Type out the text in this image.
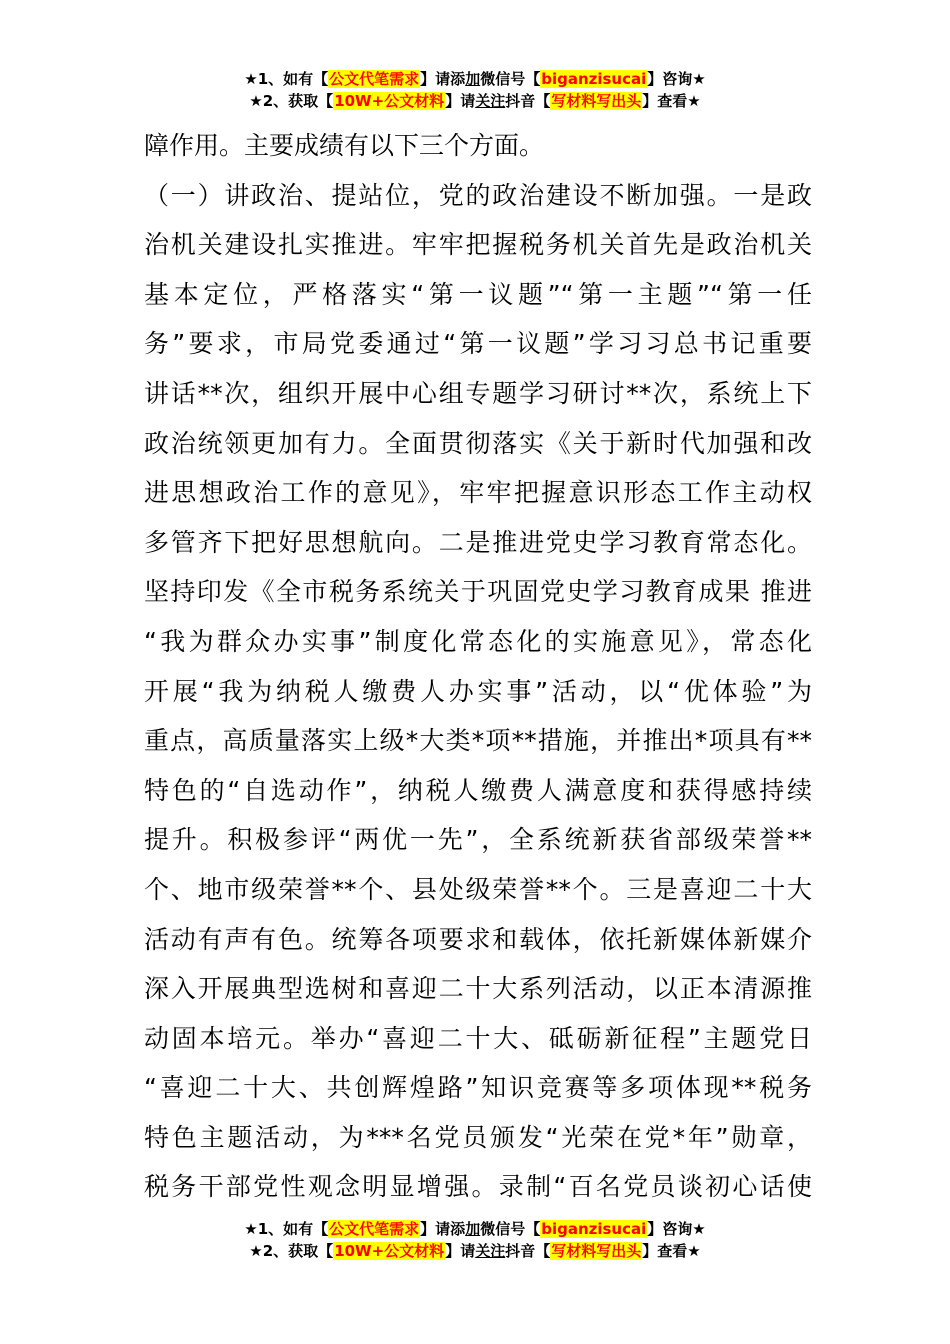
★1、如有【公文代笔需求】请添加微信号【biganzisucai】咨询★
★2、获取【10W+公文材料】请关注抖音【写材料写出头】查看★
障作用。主要成绩有以下三个方面。
（一）讲政治、提站位，党的政治建设不断加强。一是政
治机关建设扎实推进。牢牢把握税务机关首先是政治机关
基本定位，严格落实“第一议题”“第一主题”“第一任
务”要求，市局党委通过“第一议题”学习习总书记重要
讲话**次，组织开展中心组专题学习研讨**次，系统上下
政治统领更加有力。全面贯彻落实《关于新时代加强和改
进思想政治工作的意见》，牢牢把握意识形态工作主动权
多管齐下把好思想航向。二是推进党史学习教育常态化。
坚持印发《全市税务系统关于巩固党史学习教育成果 推进
“我为群众办实事”制度化常态化的实施意见》，常态化
开展“我为纳税人缴费人办实事”活动，以“优体验”为
重点，高质量落实上级*大类*项**措施，并推出*项具有**
特色的“自选动作”，纳税人缴费人满意度和获得感持续
提升。积极参评“两优一先”，全系统新获省部级荣誉**
个、地市级荣誉**个、县处级荣誉**个。三是喜迎二十大
活动有声有色。统筹各项要求和载体，依托新媒体新媒介
深入开展典型选树和喜迎二十大系列活动，以正本清源推
动固本培元。举办“喜迎二十大、砥砺新征程”主题党日
“喜迎二十大、共创辉煌路”知识竞赛等多项体现**税务
特色主题活动，为***名党员颁发“光荣在党*年”勋章，
税务干部党性观念明显增强。录制“百名党员谈初心话使
★1、如有【公文代笔需求】请添加微信号【biganzisucai】咨询★
★2、获取【10W+公文材料】请关注抖音【写材料写出头】查看★
